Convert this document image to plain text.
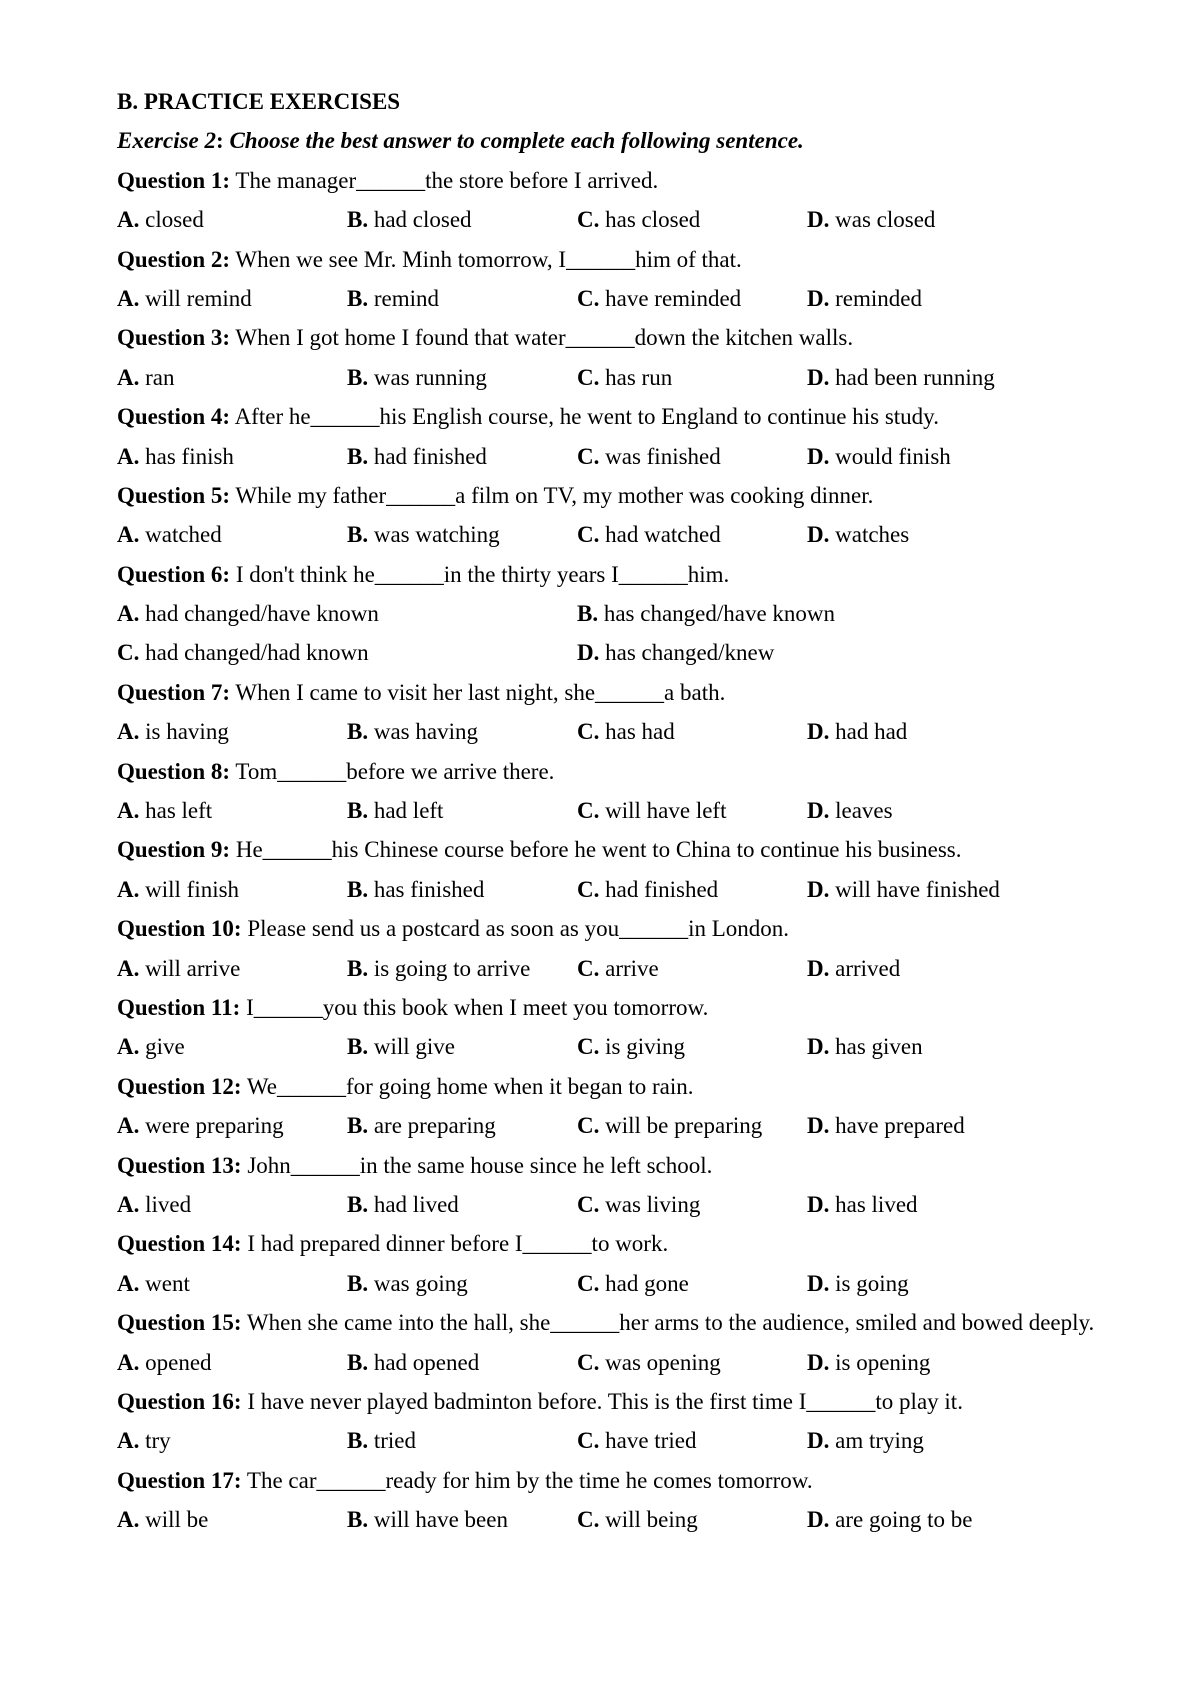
B. PRACTICE EXERCISES
Exercise 2: Choose the best answer to complete each following sentence.
Question 1: The manager______the store before I arrived.
A. closed	B. had closed	C. has closed	D. was closed
Question 2: When we see Mr. Minh tomorrow, I______him of that.
A. will remind	B. remind	C. have reminded	D. reminded
Question 3: When I got home I found that water______down the kitchen walls.
A. ran	B. was running	C. has run	D. had been running
Question 4: After he______his English course, he went to England to continue his study.
A. has finish	B. had finished	C. was finished	D. would finish
Question 5: While my father______a film on TV, my mother was cooking dinner.
A. watched	B. was watching	C. had watched	D. watches
Question 6: I don't think he______in the thirty years I______him.
A. had changed/have known	B. has changed/have known
C. had changed/had known	D. has changed/knew
Question 7: When I came to visit her last night, she______a bath.
A. is having	B. was having	C. has had	D. had had
Question 8: Tom______before we arrive there.
A. has left	B. had left	C. will have left	D. leaves
Question 9: He______his Chinese course before he went to China to continue his business.
A. will finish	B. has finished	C. had finished	D. will have finished
Question 10: Please send us a postcard as soon as you______in London.
A. will arrive	B. is going to arrive	C. arrive	D. arrived
Question 11: I______you this book when I meet you tomorrow.
A. give	B. will give	C. is giving	D. has given
Question 12: We______for going home when it began to rain.
A. were preparing	B. are preparing	C. will be preparing	D. have prepared
Question 13: John______in the same house since he left school.
A. lived	B. had lived	C. was living	D. has lived
Question 14: I had prepared dinner before I______to work.
A. went	B. was going	C. had gone	D. is going
Question 15: When she came into the hall, she______her arms to the audience, smiled and bowed deeply.
A. opened	B. had opened	C. was opening	D. is opening
Question 16: I have never played badminton before. This is the first time I______to play it.
A. try	B. tried	C. have tried	D. am trying
Question 17: The car______ready for him by the time he comes tomorrow.
A. will be	B. will have been	C. will being	D. are going to be
